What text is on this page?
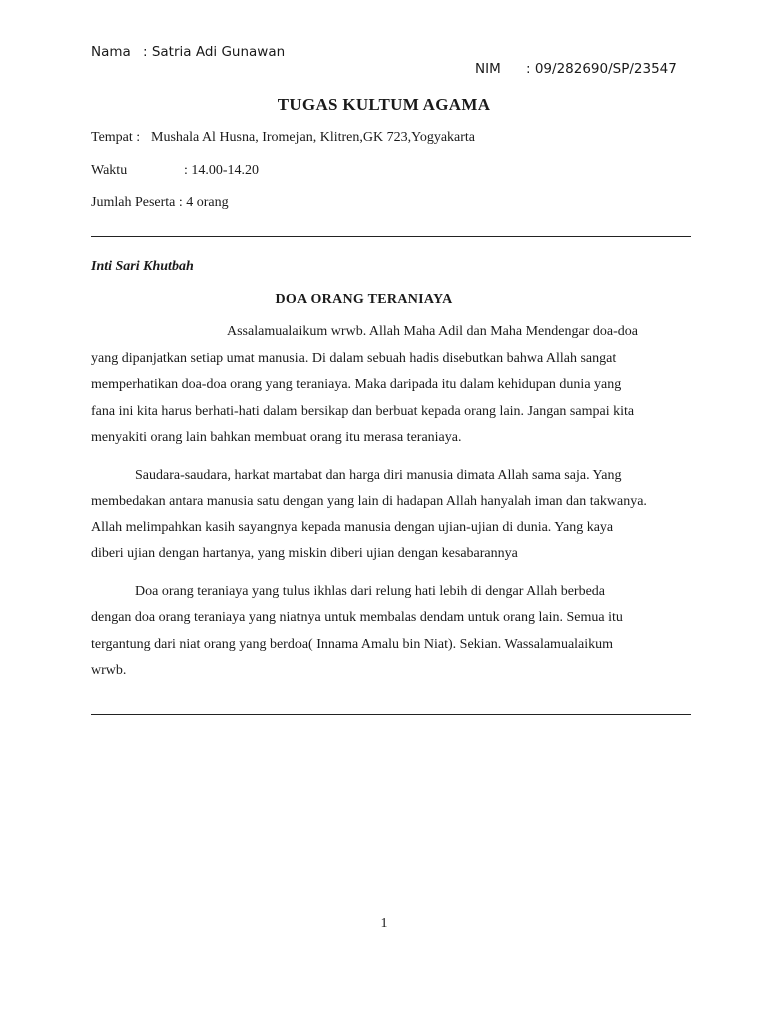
Nama : Satria Adi Gunawan
NIM : 09/282690/SP/23547
TUGAS KULTUM AGAMA
Tempat : Mushala Al Husna, Iromejan, Klitren,GK 723,Yogyakarta
Waktu	: 14.00-14.20
Jumlah Peserta : 4 orang
Inti Sari Khutbah
DOA ORANG TERANIAYA
Assalamualaikum wrwb. Allah Maha Adil dan Maha Mendengar doa-doa
yang dipanjatkan setiap umat manusia. Di dalam sebuah hadis disebutkan bahwa Allah sangat
memperhatikan doa-doa orang yang teraniaya. Maka daripada itu dalam kehidupan dunia yang
fana ini kita harus berhati-hati dalam bersikap dan berbuat kepada orang lain. Jangan sampai kita
menyakiti orang lain bahkan membuat orang itu merasa teraniaya.
Saudara-saudara, harkat martabat dan harga diri manusia dimata Allah sama saja. Yang
membedakan antara manusia satu dengan yang lain di hadapan Allah hanyalah iman dan takwanya.
Allah melimpahkan kasih sayangnya kepada manusia dengan ujian-ujian di dunia. Yang kaya
diberi ujian dengan hartanya, yang miskin diberi ujian dengan kesabarannya
Doa orang teraniaya yang tulus ikhlas dari relung hati lebih di dengar Allah berbeda
dengan doa orang teraniaya yang niatnya untuk membalas dendam untuk orang lain. Semua itu
tergantung dari niat orang yang berdoa( Innama Amalu bin Niat). Sekian. Wassalamualaikum
wrwb.
1
